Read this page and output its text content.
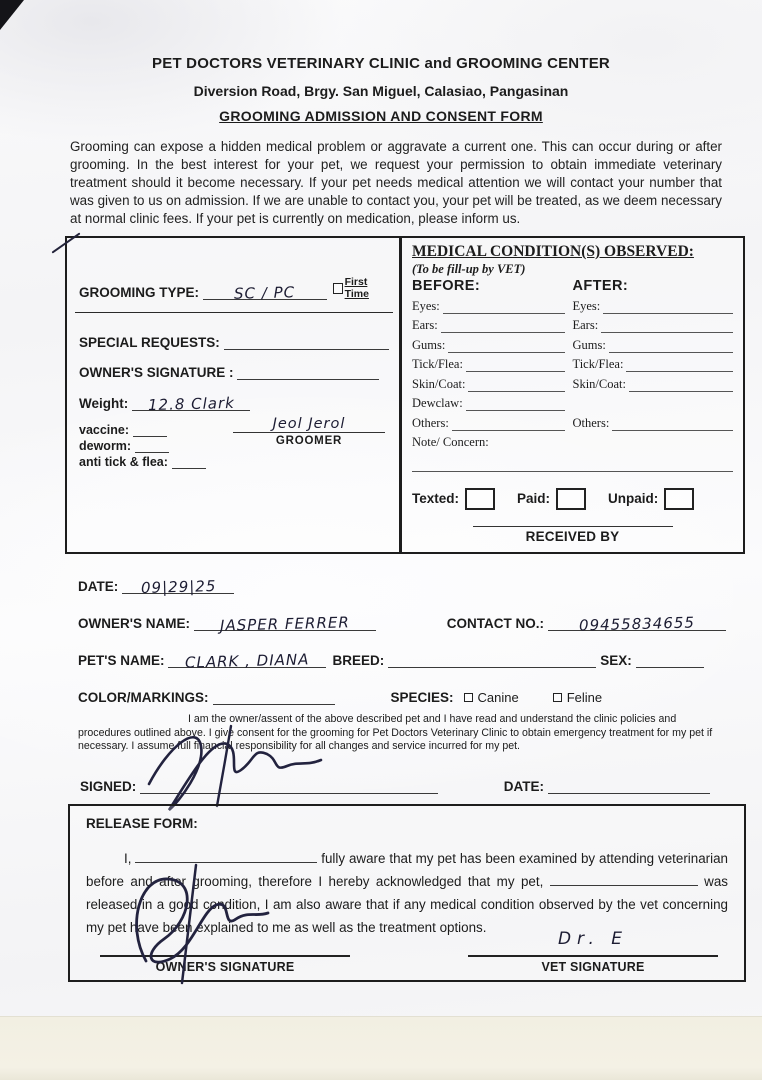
PET DOCTORS VETERINARY CLINIC and GROOMING CENTER
Diversion Road, Brgy. San Miguel, Calasiao, Pangasinan
GROOMING ADMISSION AND CONSENT FORM
Grooming can expose a hidden medical problem or aggravate a current one. This can occur during or after grooming. In the best interest for your pet, we request your permission to obtain immediate veterinary treatment should it become necessary. If your pet needs medical attention we will contact your number that was given to us on admission. If we are unable to contact you, your pet will be treated, as we deem necessary at normal clinic fees. If your pet is currently on medication, please inform us.
GROOMING TYPE: SC / PC
First Time
SPECIAL REQUESTS:
OWNER'S SIGNATURE :
Weight: 12.8 Clark
vaccine:
deworm:
anti tick & flea:
Jeol Jerol
GROOMER
MEDICAL CONDITION(S) OBSERVED:
(To be fill-up by VET)
BEFORE:	AFTER:
Eyes:	Eyes:
Ears:	Ears:
Gums:	Gums:
Tick/Flea:	Tick/Flea:
Skin/Coat:	Skin/Coat:
Dewclaw:
Others:	Others:
Note/ Concern:
Texted:	Paid:	Unpaid:
RECEIVED BY
DATE: 09|29|25
OWNER'S NAME: JASPER FERRER	CONTACT NO.: 09455834655
PET'S NAME: CLARK , DIANA BREED:	SEX:
COLOR/MARKINGS:	SPECIES: Canine	Feline
I am the owner/assent of the above described pet and I have read and understand the clinic policies and procedures outlined above. I give consent for the grooming for Pet Doctors Veterinary Clinic to obtain emergency treatment for my pet if necessary. I assume full financial responsibility for all changes and service incurred for my pet.
SIGNED:	DATE:
RELEASE FORM:
I,	fully aware that my pet has been examined by attending veterinarian before and after grooming, therefore I hereby acknowledged that my pet,	was released in a good condition, I am also aware that if any medical condition observed by the vet concerning my pet have been explained to me as well as the treatment options.
OWNER'S SIGNATURE
Dr. E
VET SIGNATURE
